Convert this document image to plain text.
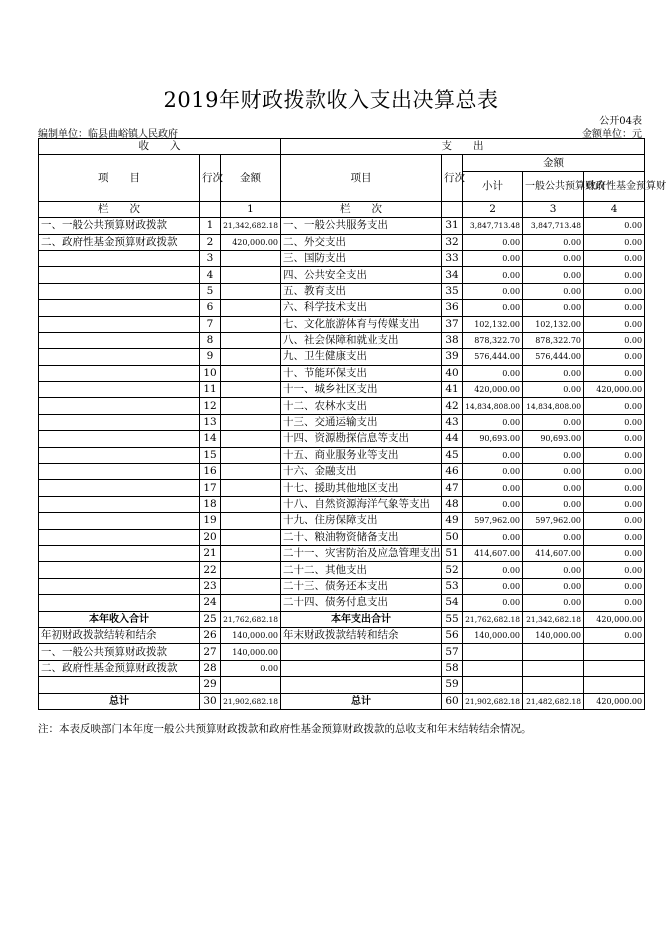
2019年财政拨款收入支出决算总表
公开04表
编制单位：临县曲峪镇人民政府	金额单位：元
收　　入			支　　出				
项　　目	行次	金额	项目	行次	金额		
					小计	一般公共预算财政	政府性基金预算财
栏　　次		1	栏　　次		2	3	4
一、一般公共预算财政拨款	1	21,342,682.18	一、一般公共服务支出	31	3,847,713.48	3,847,713.48	0.00
二、政府性基金预算财政拨款	2	420,000.00	二、外交支出	32	0.00	0.00	0.00
	3		三、国防支出	33	0.00	0.00	0.00
	4		四、公共安全支出	34	0.00	0.00	0.00
	5		五、教育支出	35	0.00	0.00	0.00
	6		六、科学技术支出	36	0.00	0.00	0.00
	7		七、文化旅游体育与传媒支出	37	102,132.00	102,132.00	0.00
	8		八、社会保障和就业支出	38	878,322.70	878,322.70	0.00
	9		九、卫生健康支出	39	576,444.00	576,444.00	0.00
	10		十、节能环保支出	40	0.00	0.00	0.00
	11		十一、城乡社区支出	41	420,000.00	0.00	420,000.00
	12		十二、农林水支出	42	14,834,808.00	14,834,808.00	0.00
	13		十三、交通运输支出	43	0.00	0.00	0.00
	14		十四、资源勘探信息等支出	44	90,693.00	90,693.00	0.00
	15		十五、商业服务业等支出	45	0.00	0.00	0.00
	16		十六、金融支出	46	0.00	0.00	0.00
	17		十七、援助其他地区支出	47	0.00	0.00	0.00
	18		十八、自然资源海洋气象等支出	48	0.00	0.00	0.00
	19		十九、住房保障支出	49	597,962.00	597,962.00	0.00
	20		二十、粮油物资储备支出	50	0.00	0.00	0.00
	21		二十一、灾害防治及应急管理支出	51	414,607.00	414,607.00	0.00
	22		二十二、其他支出	52	0.00	0.00	0.00
	23		二十三、债务还本支出	53	0.00	0.00	0.00
	24		二十四、债务付息支出	54	0.00	0.00	0.00
本年收入合计	25	21,762,682.18	本年支出合计	55	21,762,682.18	21,342,682.18	420,000.00
年初财政拨款结转和结余	26	140,000.00	年末财政拨款结转和结余	56	140,000.00	140,000.00	0.00
一、一般公共预算财政拨款	27	140,000.00		57			
二、政府性基金预算财政拨款	28	0.00		58			
	29			59			
总计	30	21,902,682.18	总计	60	21,902,682.18	21,482,682.18	420,000.00
注：本表反映部门本年度一般公共预算财政拨款和政府性基金预算财政拨款的总收支和年末结转结余情况。
